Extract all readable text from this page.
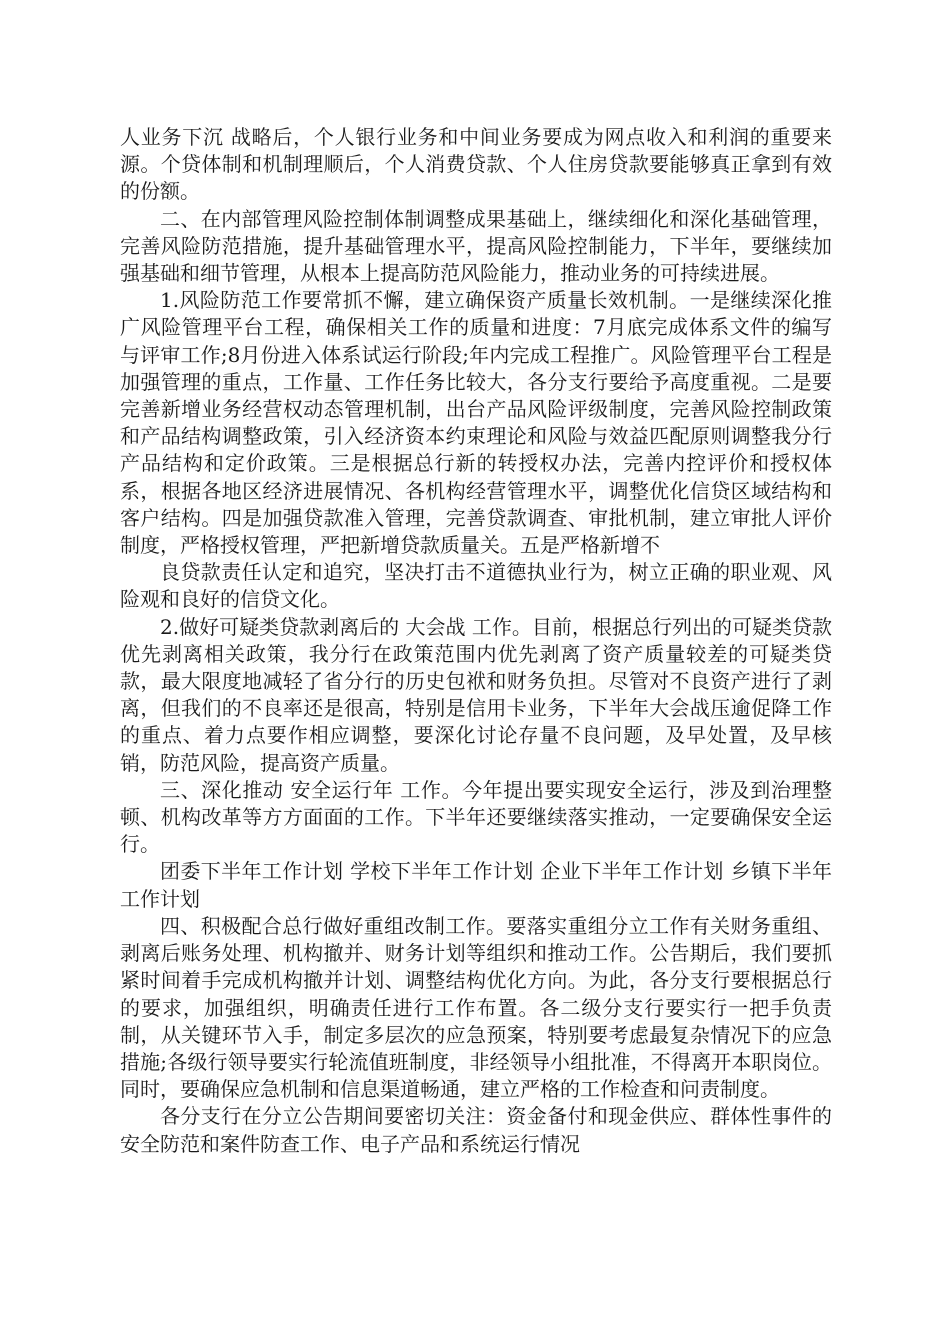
人业务下沉 战略后，个人银行业务和中间业务要成为网点收入和利润的重要来源。个贷体制和机制理顺后，个人消费贷款、个人住房贷款要能够真正拿到有效的份额。

二、在内部管理风险控制体制调整成果基础上，继续细化和深化基础管理，完善风险防范措施，提升基础管理水平，提高风险控制能力，下半年，要继续加强基础和细节管理，从根本上提高防范风险能力，推动业务的可持续进展。

1.风险防范工作要常抓不懈，建立确保资产质量长效机制。一是继续深化推广风险管理平台工程，确保相关工作的质量和进度：7月底完成体系文件的编写与评审工作;8月份进入体系试运行阶段;年内完成工程推广。风险管理平台工程是加强管理的重点，工作量、工作任务比较大，各分支行要给予高度重视。二是要完善新增业务经营权动态管理机制，出台产品风险评级制度，完善风险控制政策和产品结构调整政策，引入经济资本约束理论和风险与效益匹配原则调整我分行产品结构和定价政策。三是根据总行新的转授权办法，完善内控评价和授权体系，根据各地区经济进展情况、各机构经营管理水平，调整优化信贷区域结构和客户结构。四是加强贷款准入管理，完善贷款调查、审批机制，建立审批人评价制度，严格授权管理，严把新增贷款质量关。五是严格新增不

良贷款责任认定和追究，坚决打击不道德执业行为，树立正确的职业观、风险观和良好的信贷文化。

2.做好可疑类贷款剥离后的 大会战 工作。目前，根据总行列出的可疑类贷款优先剥离相关政策，我分行在政策范围内优先剥离了资产质量较差的可疑类贷款，最大限度地减轻了省分行的历史包袱和财务负担。尽管对不良资产进行了剥离，但我们的不良率还是很高，特别是信用卡业务，下半年大会战压逾促降工作的重点、着力点要作相应调整，要深化讨论存量不良问题，及早处置，及早核销，防范风险，提高资产质量。

三、深化推动 安全运行年 工作。今年提出要实现安全运行，涉及到治理整顿、机构改革等方方面面的工作。下半年还要继续落实推动，一定要确保安全运行。

团委下半年工作计划 学校下半年工作计划 企业下半年工作计划 乡镇下半年工作计划

四、积极配合总行做好重组改制工作。要落实重组分立工作有关财务重组、剥离后账务处理、机构撤并、财务计划等组织和推动工作。公告期后，我们要抓紧时间着手完成机构撤并计划、调整结构优化方向。为此，各分支行要根据总行的要求，加强组织，明确责任进行工作布置。各二级分支行要实行一把手负责制，从关键环节入手，制定多层次的应急预案，特别要考虑最复杂情况下的应急措施;各级行领导要实行轮流值班制度，非经领导小组批准，不得离开本职岗位。同时，要确保应急机制和信息渠道畅通，建立严格的工作检查和问责制度。

各分支行在分立公告期间要密切关注：资金备付和现金供应、群体性事件的安全防范和案件防查工作、电子产品和系统运行情况
